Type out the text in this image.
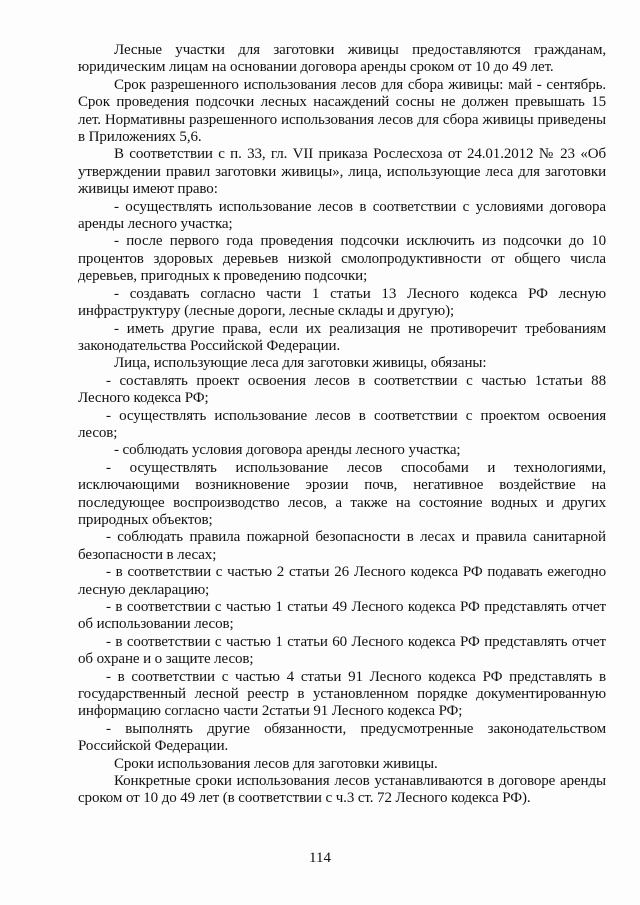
Лесные участки для заготовки живицы предоставляются гражданам, юридическим лицам на основании договора аренды сроком от 10 до 49 лет.

Срок разрешенного использования лесов для сбора живицы: май - сентябрь. Срок проведения подсочки лесных насаждений сосны не должен превышать 15 лет. Нормативны разрешенного использования лесов для сбора живицы приведены в Приложениях 5,6.

В соответствии с п. 33, гл. VII приказа Рослесхоза от 24.01.2012 № 23 «Об утверждении правил заготовки живицы», лица, использующие леса для заготовки живицы имеют право:

- осуществлять использование лесов в соответствии с условиями договора аренды лесного участка;

- после первого года проведения подсочки исключить из подсочки до 10 процентов здоровых деревьев низкой смолопродуктивности от общего числа деревьев, пригодных к проведению подсочки;

- создавать согласно части 1 статьи 13 Лесного кодекса РФ лесную инфраструктуру (лесные дороги, лесные склады и другую);

- иметь другие права, если их реализация не противоречит требованиям законодательства Российской Федерации.

Лица, использующие леса для заготовки живицы, обязаны:

- составлять проект освоения лесов в соответствии с частью 1статьи 88 Лесного кодекса РФ;

- осуществлять использование лесов в соответствии с проектом освоения лесов;

- соблюдать условия договора аренды лесного участка;

- осуществлять использование лесов способами и технологиями, исключающими возникновение эрозии почв, негативное воздействие на последующее воспроизводство лесов, а также на состояние водных и других природных объектов;

- соблюдать правила пожарной безопасности в лесах и правила санитарной безопасности в лесах;

- в соответствии с частью 2 статьи 26 Лесного кодекса РФ подавать ежегодно лесную декларацию;

- в соответствии с частью 1 статьи 49 Лесного кодекса РФ представлять отчет об использовании лесов;

- в соответствии с частью 1 статьи 60 Лесного кодекса РФ представлять отчет об охране и о защите лесов;

- в соответствии с частью 4 статьи 91 Лесного кодекса РФ представлять в государственный лесной реестр в установленном порядке документированную информацию согласно части 2статьи 91 Лесного кодекса РФ;

- выполнять другие обязанности, предусмотренные законодательством Российской Федерации.

Сроки использования лесов для заготовки живицы.

Конкретные сроки использования лесов устанавливаются в договоре аренды сроком от 10 до 49 лет (в соответствии с ч.3 ст. 72 Лесного кодекса РФ).

114
